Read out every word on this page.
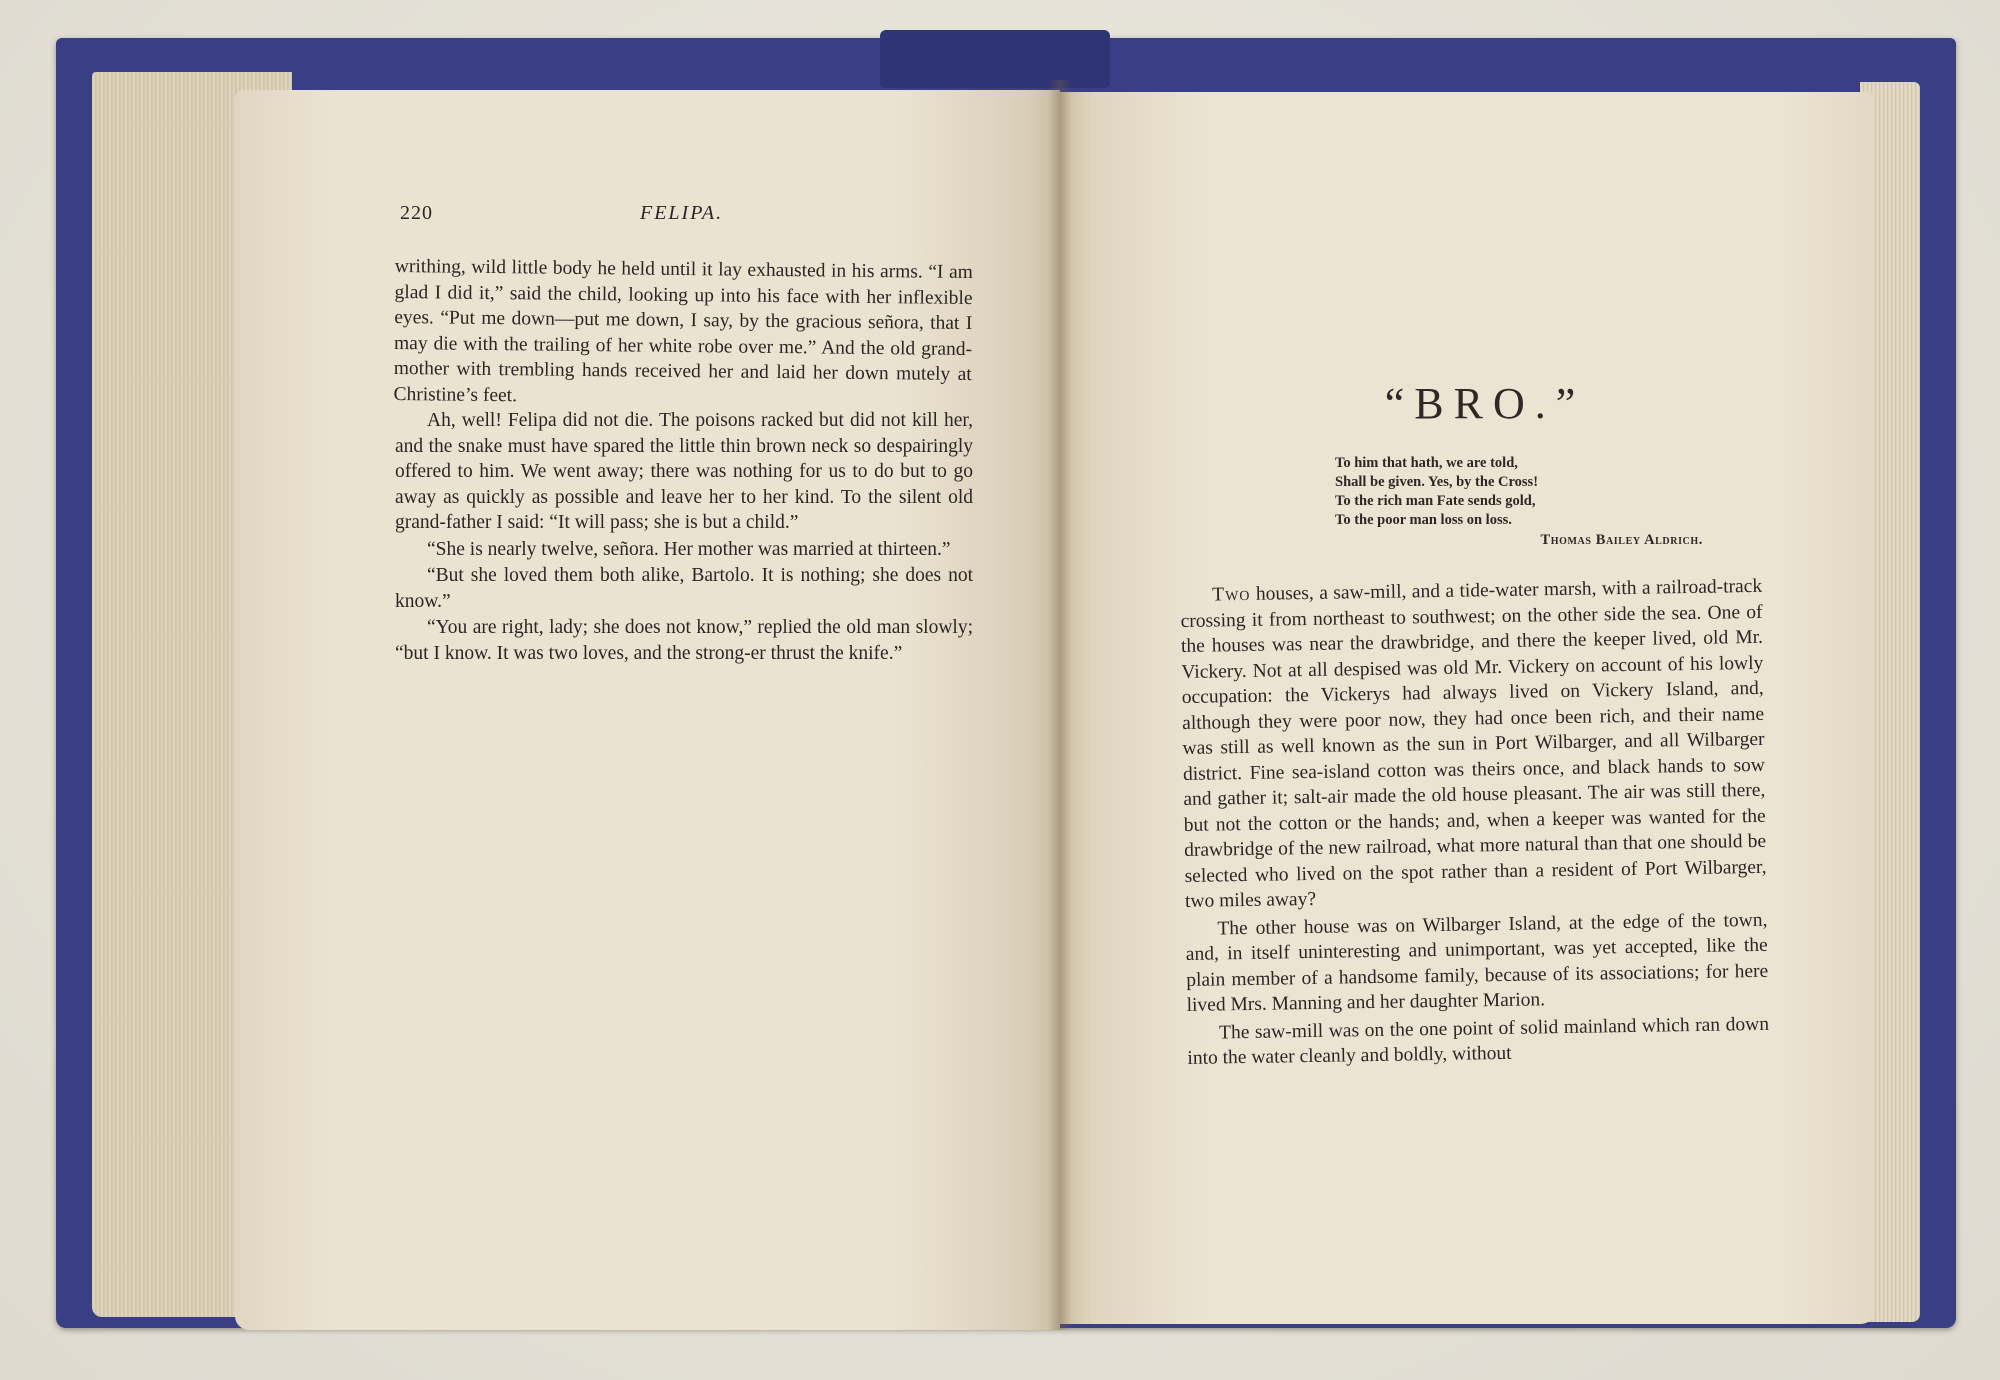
220	FELIPA.

writhing, wild little body he held until it lay exhausted in his arms. “I am glad I did it,” said the child, looking up into his face with her inflexible eyes. “Put me down—put me down, I say, by the gracious señora, that I may die with the trailing of her white robe over me.” And the old grand-mother with trembling hands received her and laid her down mutely at Christine’s feet.

Ah, well! Felipa did not die. The poisons racked but did not kill her, and the snake must have spared the little thin brown neck so despairingly offered to him. We went away; there was nothing for us to do but to go away as quickly as possible and leave her to her kind. To the silent old grand-father I said: “It will pass; she is but a child.”

“She is nearly twelve, señora. Her mother was married at thirteen.”

“But she loved them both alike, Bartolo. It is nothing; she does not know.”

“You are right, lady; she does not know,” replied the old man slowly; “but I know. It was two loves, and the strong-er thrust the knife.”

“BRO.”
To him that hath, we are told,
Shall be given. Yes, by the Cross!
To the rich man Fate sends gold,
To the poor man loss on loss.
Thomas Bailey Aldrich.

Two houses, a saw-mill, and a tide-water marsh, with a railroad-track crossing it from northeast to southwest; on the other side the sea. One of the houses was near the drawbridge, and there the keeper lived, old Mr. Vickery. Not at all despised was old Mr. Vickery on account of his lowly occupation: the Vickerys had always lived on Vickery Island, and, although they were poor now, they had once been rich, and their name was still as well known as the sun in Port Wilbarger, and all Wilbarger district. Fine sea-island cotton was theirs once, and black hands to sow and gather it; salt-air made the old house pleasant. The air was still there, but not the cotton or the hands; and, when a keeper was wanted for the drawbridge of the new railroad, what more natural than that one should be selected who lived on the spot rather than a resident of Port Wilbarger, two miles away?

The other house was on Wilbarger Island, at the edge of the town, and, in itself uninteresting and unimportant, was yet accepted, like the plain member of a handsome family, because of its associations; for here lived Mrs. Manning and her daughter Marion.

The saw-mill was on the one point of solid mainland which ran down into the water cleanly and boldly, without
